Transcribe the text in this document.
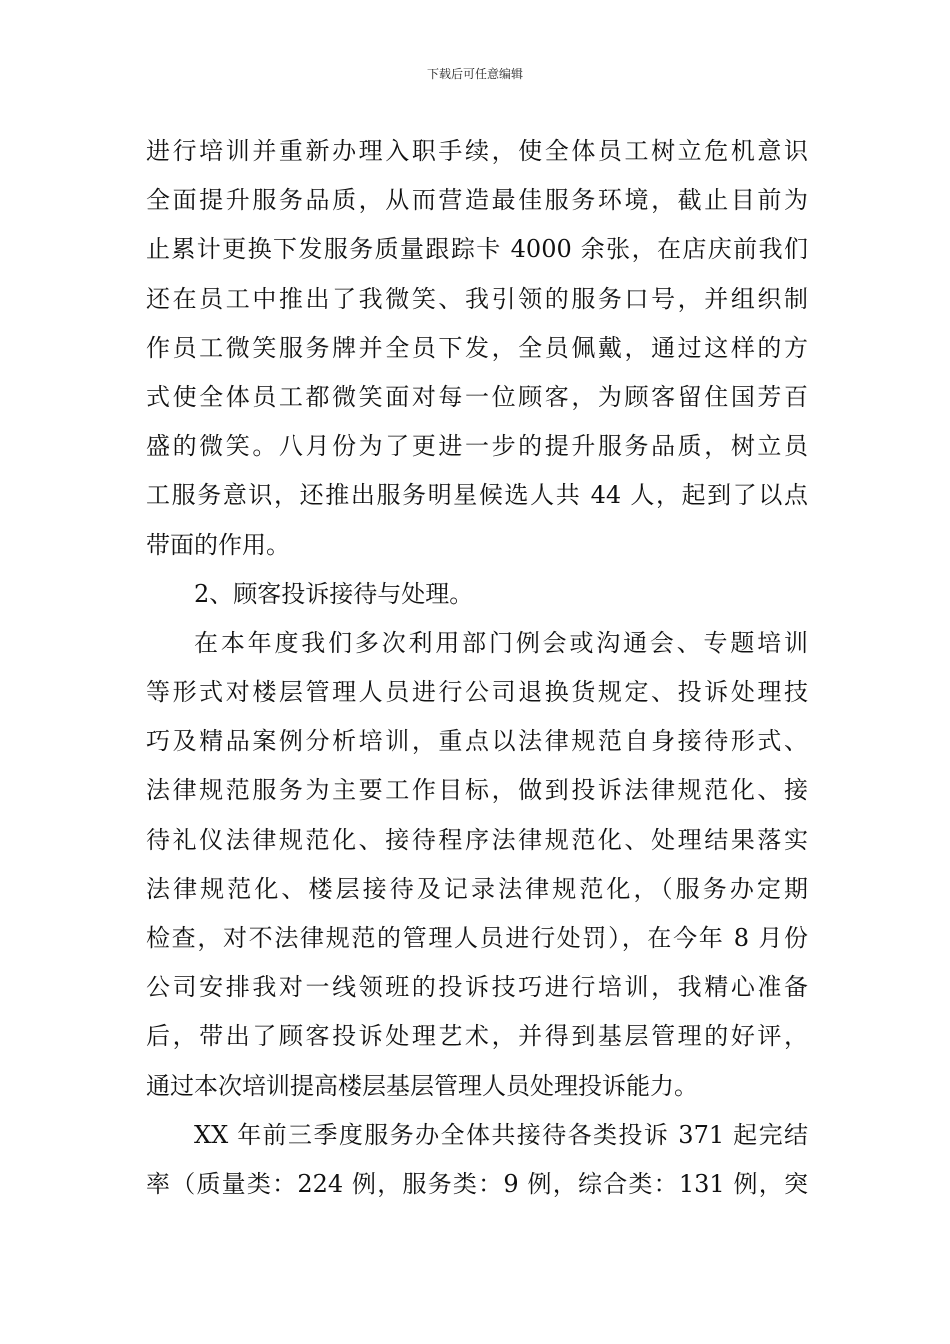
下载后可任意编辑
进行培训并重新办理入职手续，使全体员工树立危机意识
全面提升服务品质，从而营造最佳服务环境，截止目前为
止累计更换下发服务质量跟踪卡 4000 余张，在店庆前我们
还在员工中推出了我微笑、我引领的服务口号，并组织制
作员工微笑服务牌并全员下发，全员佩戴，通过这样的方
式使全体员工都微笑面对每一位顾客，为顾客留住国芳百
盛的微笑。八月份为了更进一步的提升服务品质，树立员
工服务意识，还推出服务明星候选人共 44 人，起到了以点
带面的作用。
2、顾客投诉接待与处理。
在本年度我们多次利用部门例会或沟通会、专题培训
等形式对楼层管理人员进行公司退换货规定、投诉处理技
巧及精品案例分析培训，重点以法律规范自身接待形式、
法律规范服务为主要工作目标，做到投诉法律规范化、接
待礼仪法律规范化、接待程序法律规范化、处理结果落实
法律规范化、楼层接待及记录法律规范化，（服务办定期
检查，对不法律规范的管理人员进行处罚），在今年 8 月份
公司安排我对一线领班的投诉技巧进行培训，我精心准备
后，带出了顾客投诉处理艺术，并得到基层管理的好评，
通过本次培训提高楼层基层管理人员处理投诉能力。
XX 年前三季度服务办全体共接待各类投诉 371 起完结
率（质量类：224 例，服务类：9 例，综合类：131 例，突
